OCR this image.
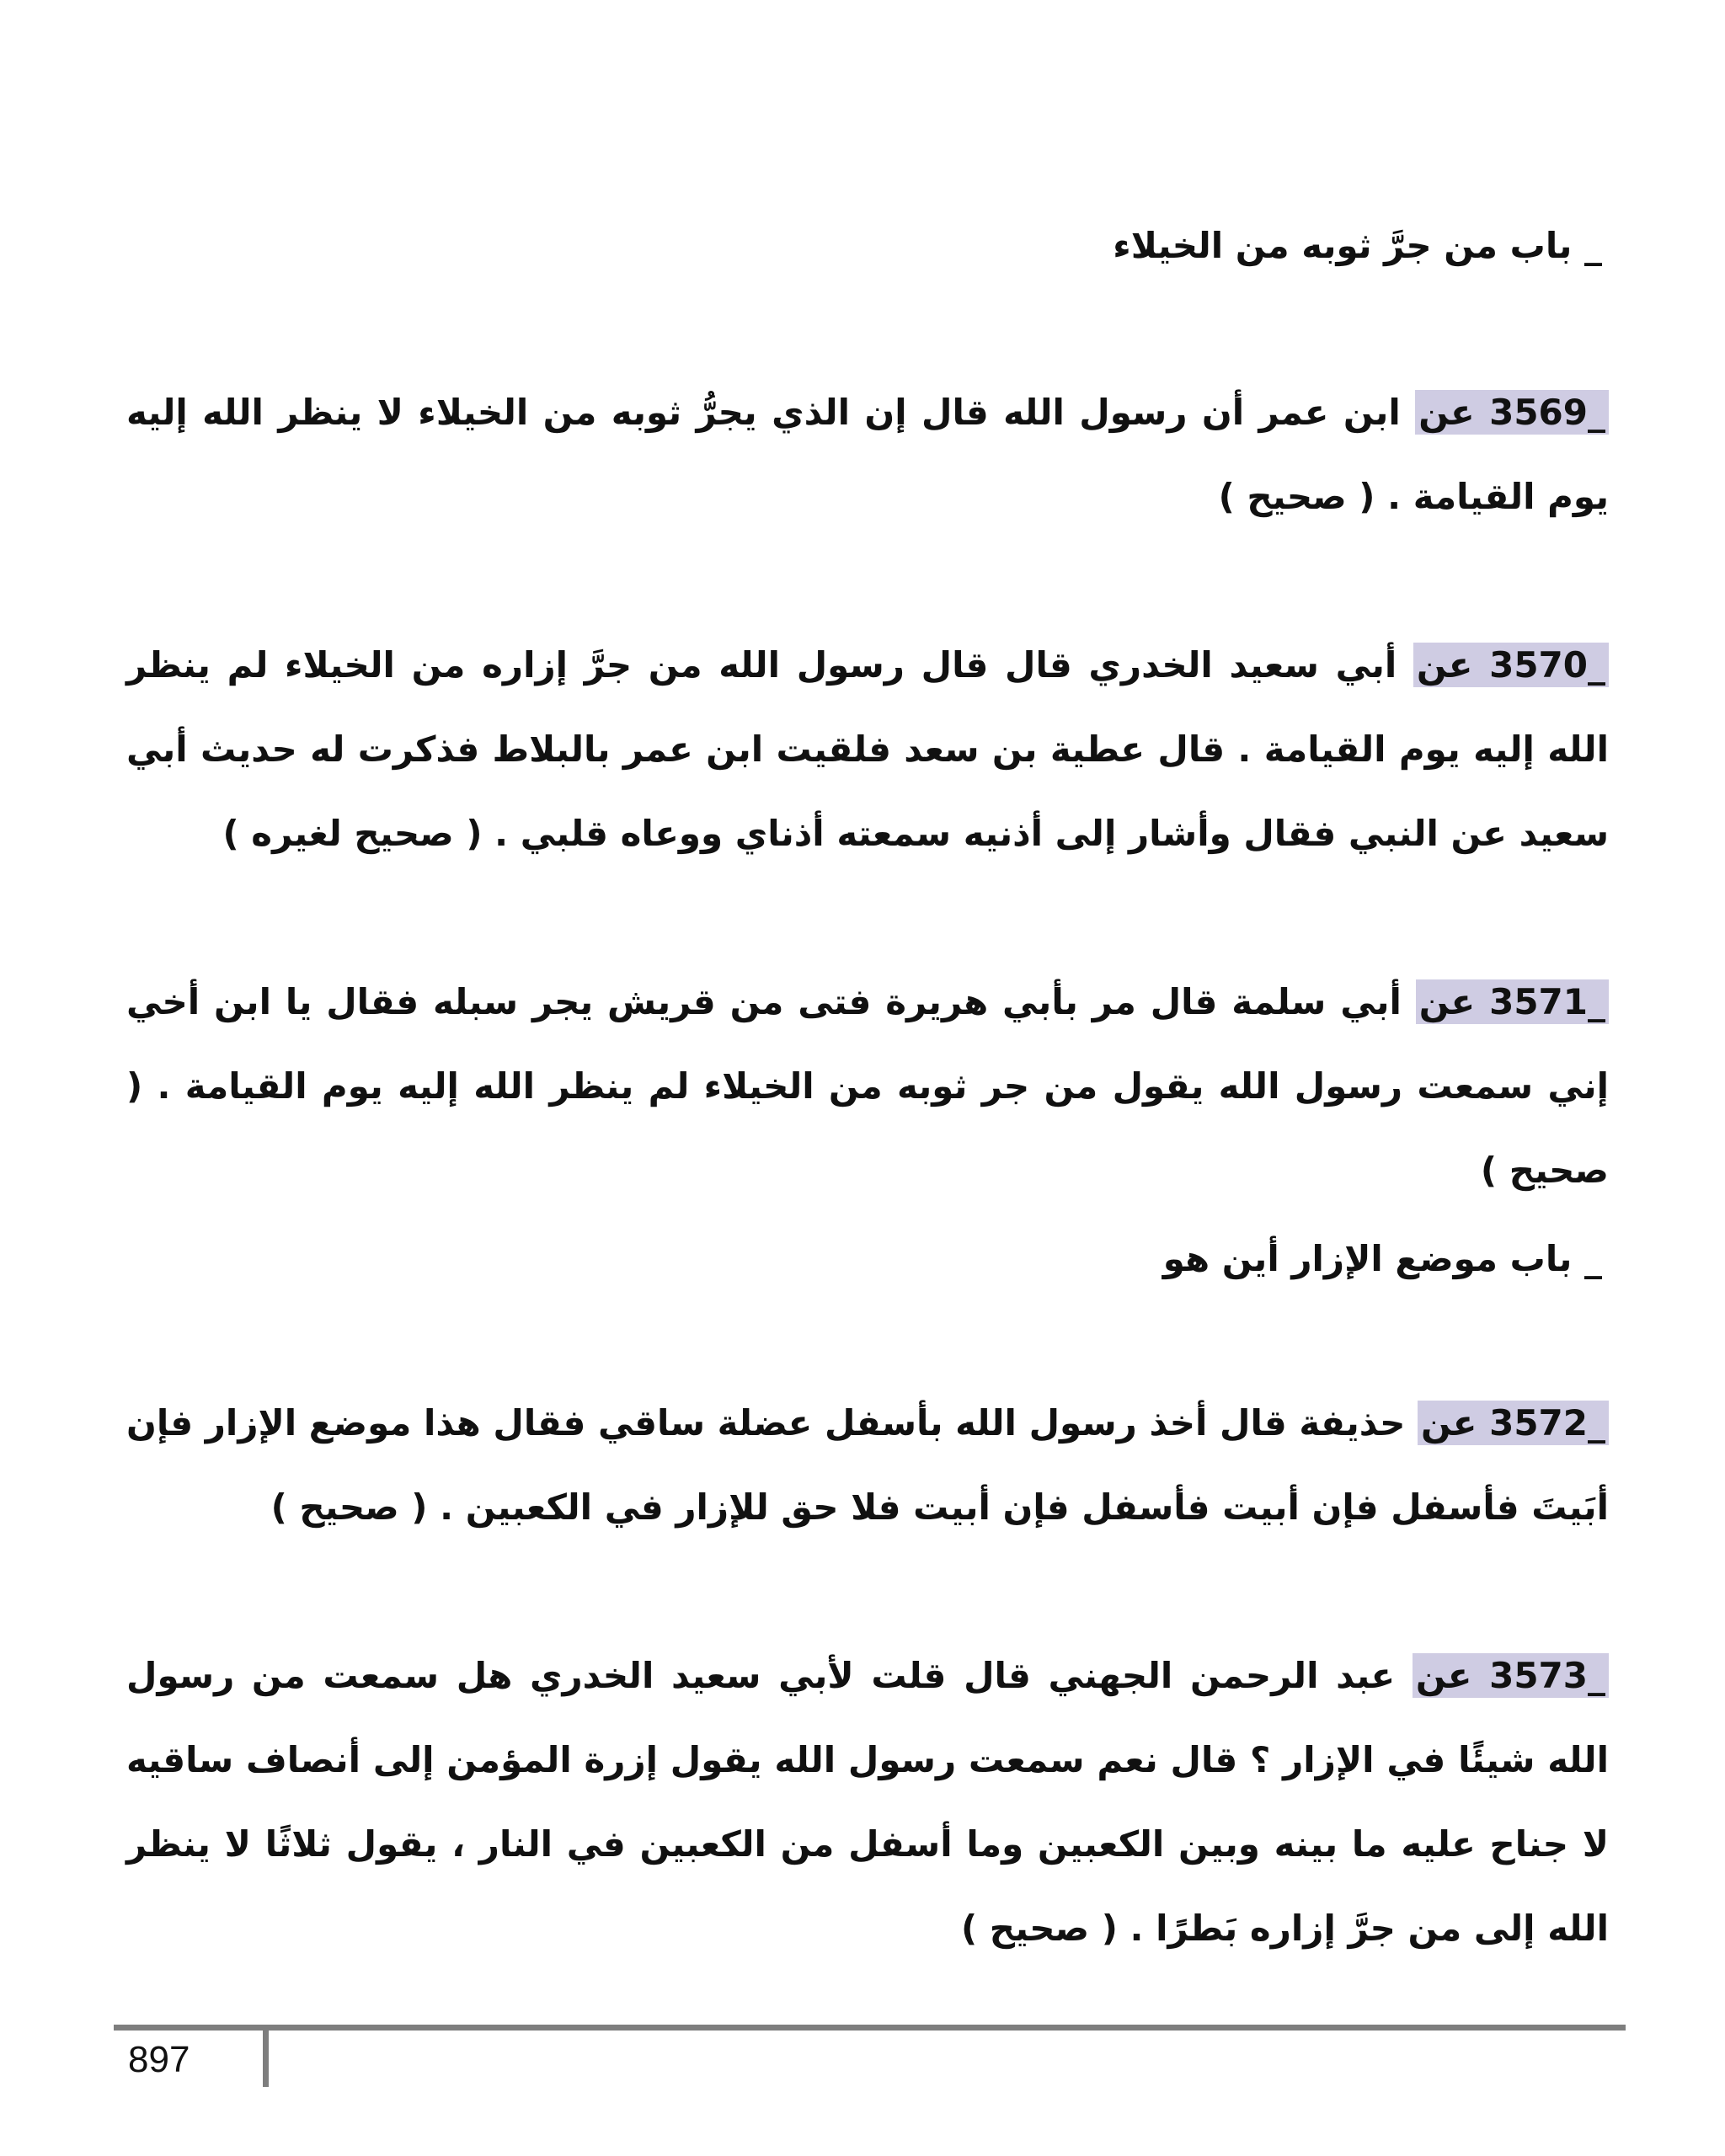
_ باب من جرَّ ثوبه من الخيلاء
3569_ عن ابن عمر أن رسول الله قال إن الذي يجرُّ ثوبه من الخيلاء لا ينظر الله إليه يوم القيامة . ( صحيح )
3570_ عن أبي سعيد الخدري قال قال رسول الله من جرَّ إزاره من الخيلاء لم ينظر الله إليه يوم القيامة . قال عطية بن سعد فلقيت ابن عمر بالبلاط فذكرت له حديث أبي سعيد عن النبي فقال وأشار إلى أذنيه سمعته أذناي ووعاه قلبي . ( صحيح لغيره )
3571_ عن أبي سلمة قال مر بأبي هريرة فتى من قريش يجر سبله فقال يا ابن أخي إني سمعت رسول الله يقول من جر ثوبه من الخيلاء لم ينظر الله إليه يوم القيامة . ( صحيح )
_ باب موضع الإزار أين هو
3572_ عن حذيفة قال أخذ رسول الله بأسفل عضلة ساقي فقال هذا موضع الإزار فإن أبَيتَ فأسفل فإن أبيت فأسفل فإن أبيت فلا حق للإزار في الكعبين . ( صحيح )
3573_ عن عبد الرحمن الجهني قال قلت لأبي سعيد الخدري هل سمعت من رسول الله شيئًا في الإزار ؟ قال نعم سمعت رسول الله يقول إزرة المؤمن إلى أنصاف ساقيه لا جناح عليه ما بينه وبين الكعبين وما أسفل من الكعبين في النار ، يقول ثلاثًا لا ينظر الله إلى من جرَّ إزاره بَطرًا . ( صحيح )
897
